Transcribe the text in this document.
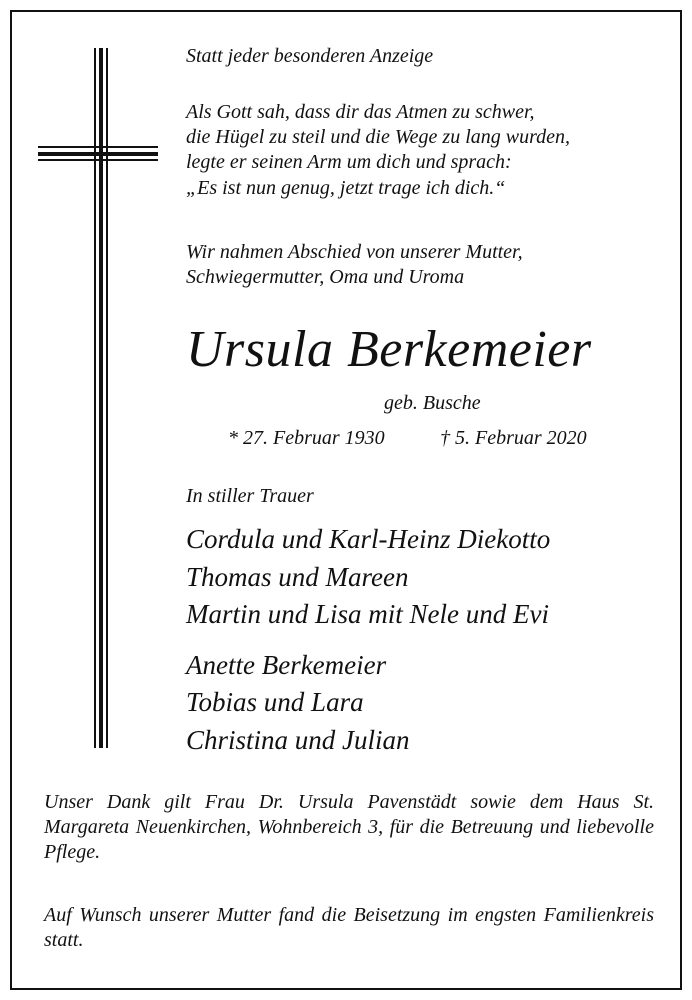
Statt jeder besonderen Anzeige

Als Gott sah, dass dir das Atmen zu schwer,

die Hügel zu steil und die Wege zu lang wurden,

legte er seinen Arm um dich und sprach:

„Es ist nun genug, jetzt trage ich dich.“

Wir nahmen Abschied von unserer Mutter,

Schwiegermutter, Oma und Uroma

Ursula Berkemeier

geb. Busche

* 27. Februar 1930	† 5. Februar 2020

In stiller Trauer

Cordula und Karl-Heinz Diekotto

Thomas und Mareen

Martin und Lisa mit Nele und Evi

Anette Berkemeier

Tobias und Lara

Christina und Julian

Unser Dank gilt Frau Dr. Ursula Pavenstädt sowie dem Haus St. Margareta Neuenkirchen, Wohnbereich 3, für die Betreuung und liebevolle Pflege.

Auf Wunsch unserer Mutter fand die Beisetzung im engsten Familienkreis statt.
